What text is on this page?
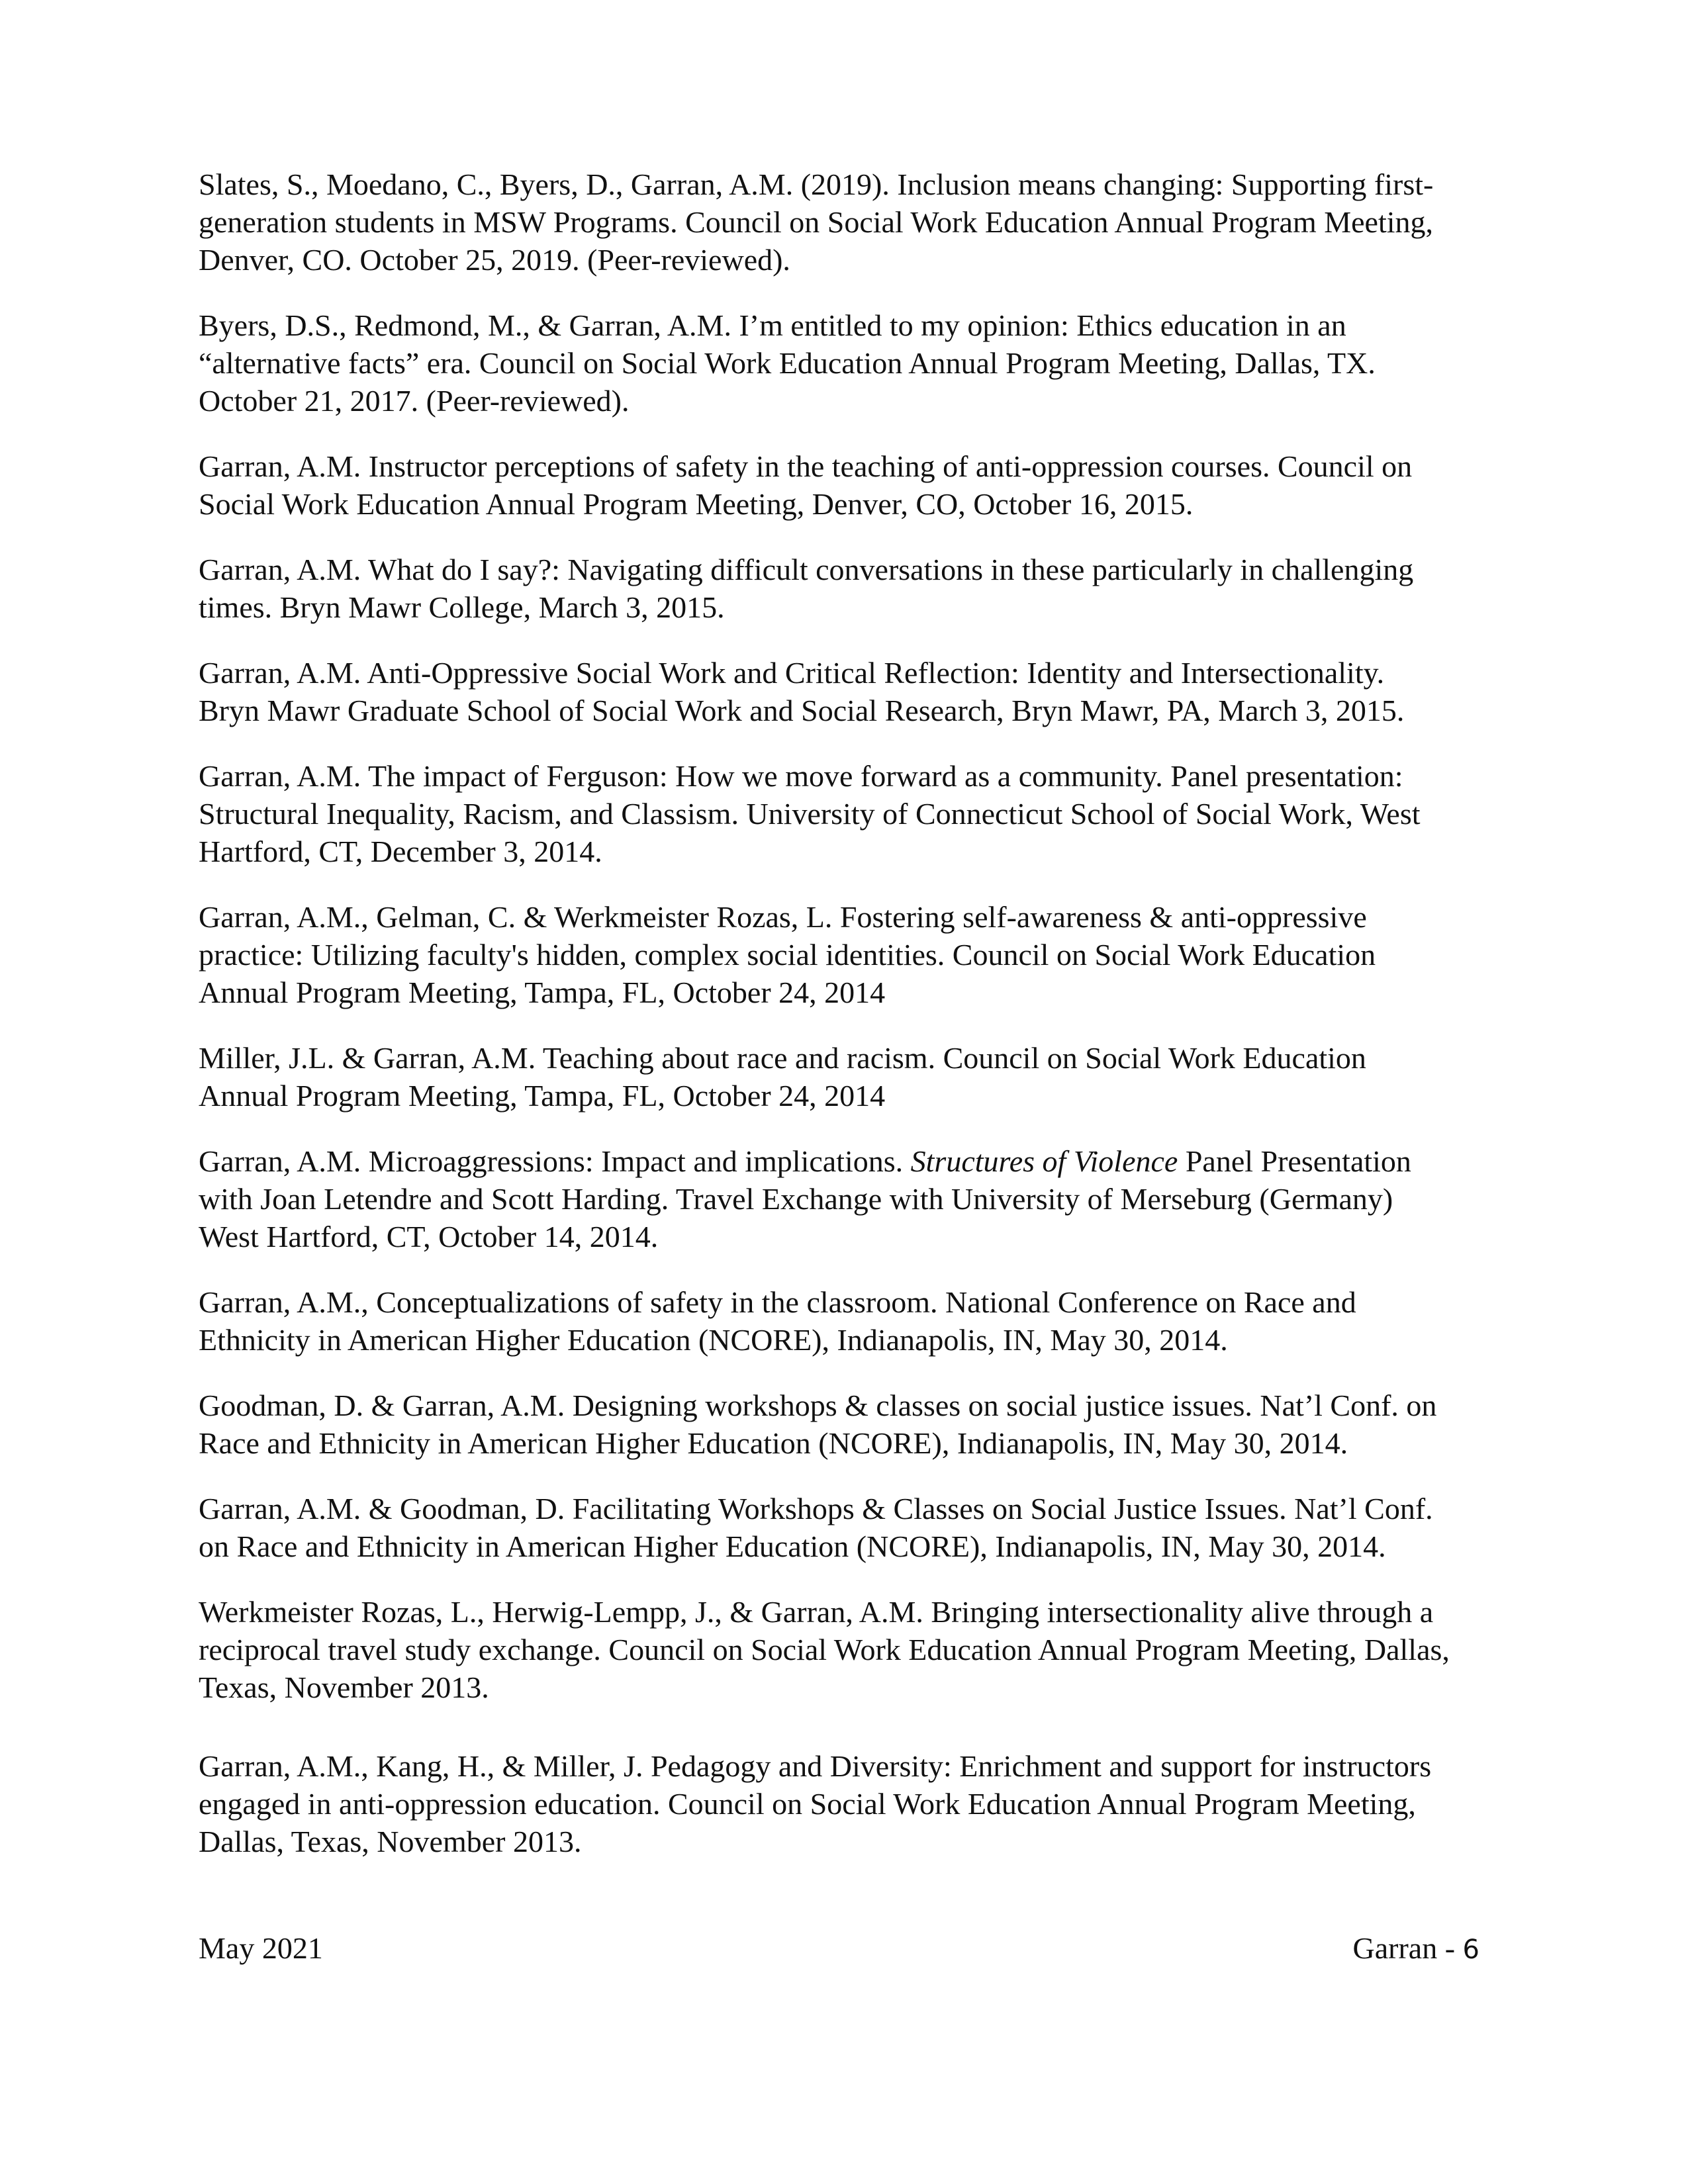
Slates, S., Moedano, C., Byers, D., Garran, A.M. (2019). Inclusion means changing: Supporting first-
generation students in MSW Programs. Council on Social Work Education Annual Program Meeting,
Denver, CO. October 25, 2019. (Peer-reviewed).

Byers, D.S., Redmond, M., & Garran, A.M. I’m entitled to my opinion: Ethics education in an
“alternative facts” era. Council on Social Work Education Annual Program Meeting, Dallas, TX.
October 21, 2017. (Peer-reviewed).

Garran, A.M. Instructor perceptions of safety in the teaching of anti-oppression courses. Council on
Social Work Education Annual Program Meeting, Denver, CO, October 16, 2015.

Garran, A.M. What do I say?: Navigating difficult conversations in these particularly in challenging
times. Bryn Mawr College, March 3, 2015.

Garran, A.M. Anti-Oppressive Social Work and Critical Reflection: Identity and Intersectionality.
Bryn Mawr Graduate School of Social Work and Social Research, Bryn Mawr, PA, March 3, 2015.

Garran, A.M. The impact of Ferguson: How we move forward as a community. Panel presentation:
Structural Inequality, Racism, and Classism. University of Connecticut School of Social Work, West
Hartford, CT, December 3, 2014.

Garran, A.M., Gelman, C. & Werkmeister Rozas, L. Fostering self-awareness & anti-oppressive
practice: Utilizing faculty's hidden, complex social identities. Council on Social Work Education
Annual Program Meeting, Tampa, FL, October 24, 2014

Miller, J.L. & Garran, A.M. Teaching about race and racism. Council on Social Work Education
Annual Program Meeting, Tampa, FL, October 24, 2014

Garran, A.M. Microaggressions: Impact and implications. Structures of Violence Panel Presentation
with Joan Letendre and Scott Harding. Travel Exchange with University of Merseburg (Germany)
West Hartford, CT, October 14, 2014.

Garran, A.M., Conceptualizations of safety in the classroom. National Conference on Race and
Ethnicity in American Higher Education (NCORE), Indianapolis, IN, May 30, 2014.

Goodman, D. & Garran, A.M. Designing workshops & classes on social justice issues. Nat’l Conf. on
Race and Ethnicity in American Higher Education (NCORE), Indianapolis, IN, May 30, 2014.

Garran, A.M. & Goodman, D. Facilitating Workshops & Classes on Social Justice Issues. Nat’l Conf.
on Race and Ethnicity in American Higher Education (NCORE), Indianapolis, IN, May 30, 2014.

Werkmeister Rozas, L., Herwig-Lempp, J., & Garran, A.M. Bringing intersectionality alive through a
reciprocal travel study exchange. Council on Social Work Education Annual Program Meeting, Dallas,
Texas, November 2013.

Garran, A.M., Kang, H., & Miller, J. Pedagogy and Diversity: Enrichment and support for instructors
engaged in anti-oppression education. Council on Social Work Education Annual Program Meeting,
Dallas, Texas, November 2013.

May 2021	Garran - 6
